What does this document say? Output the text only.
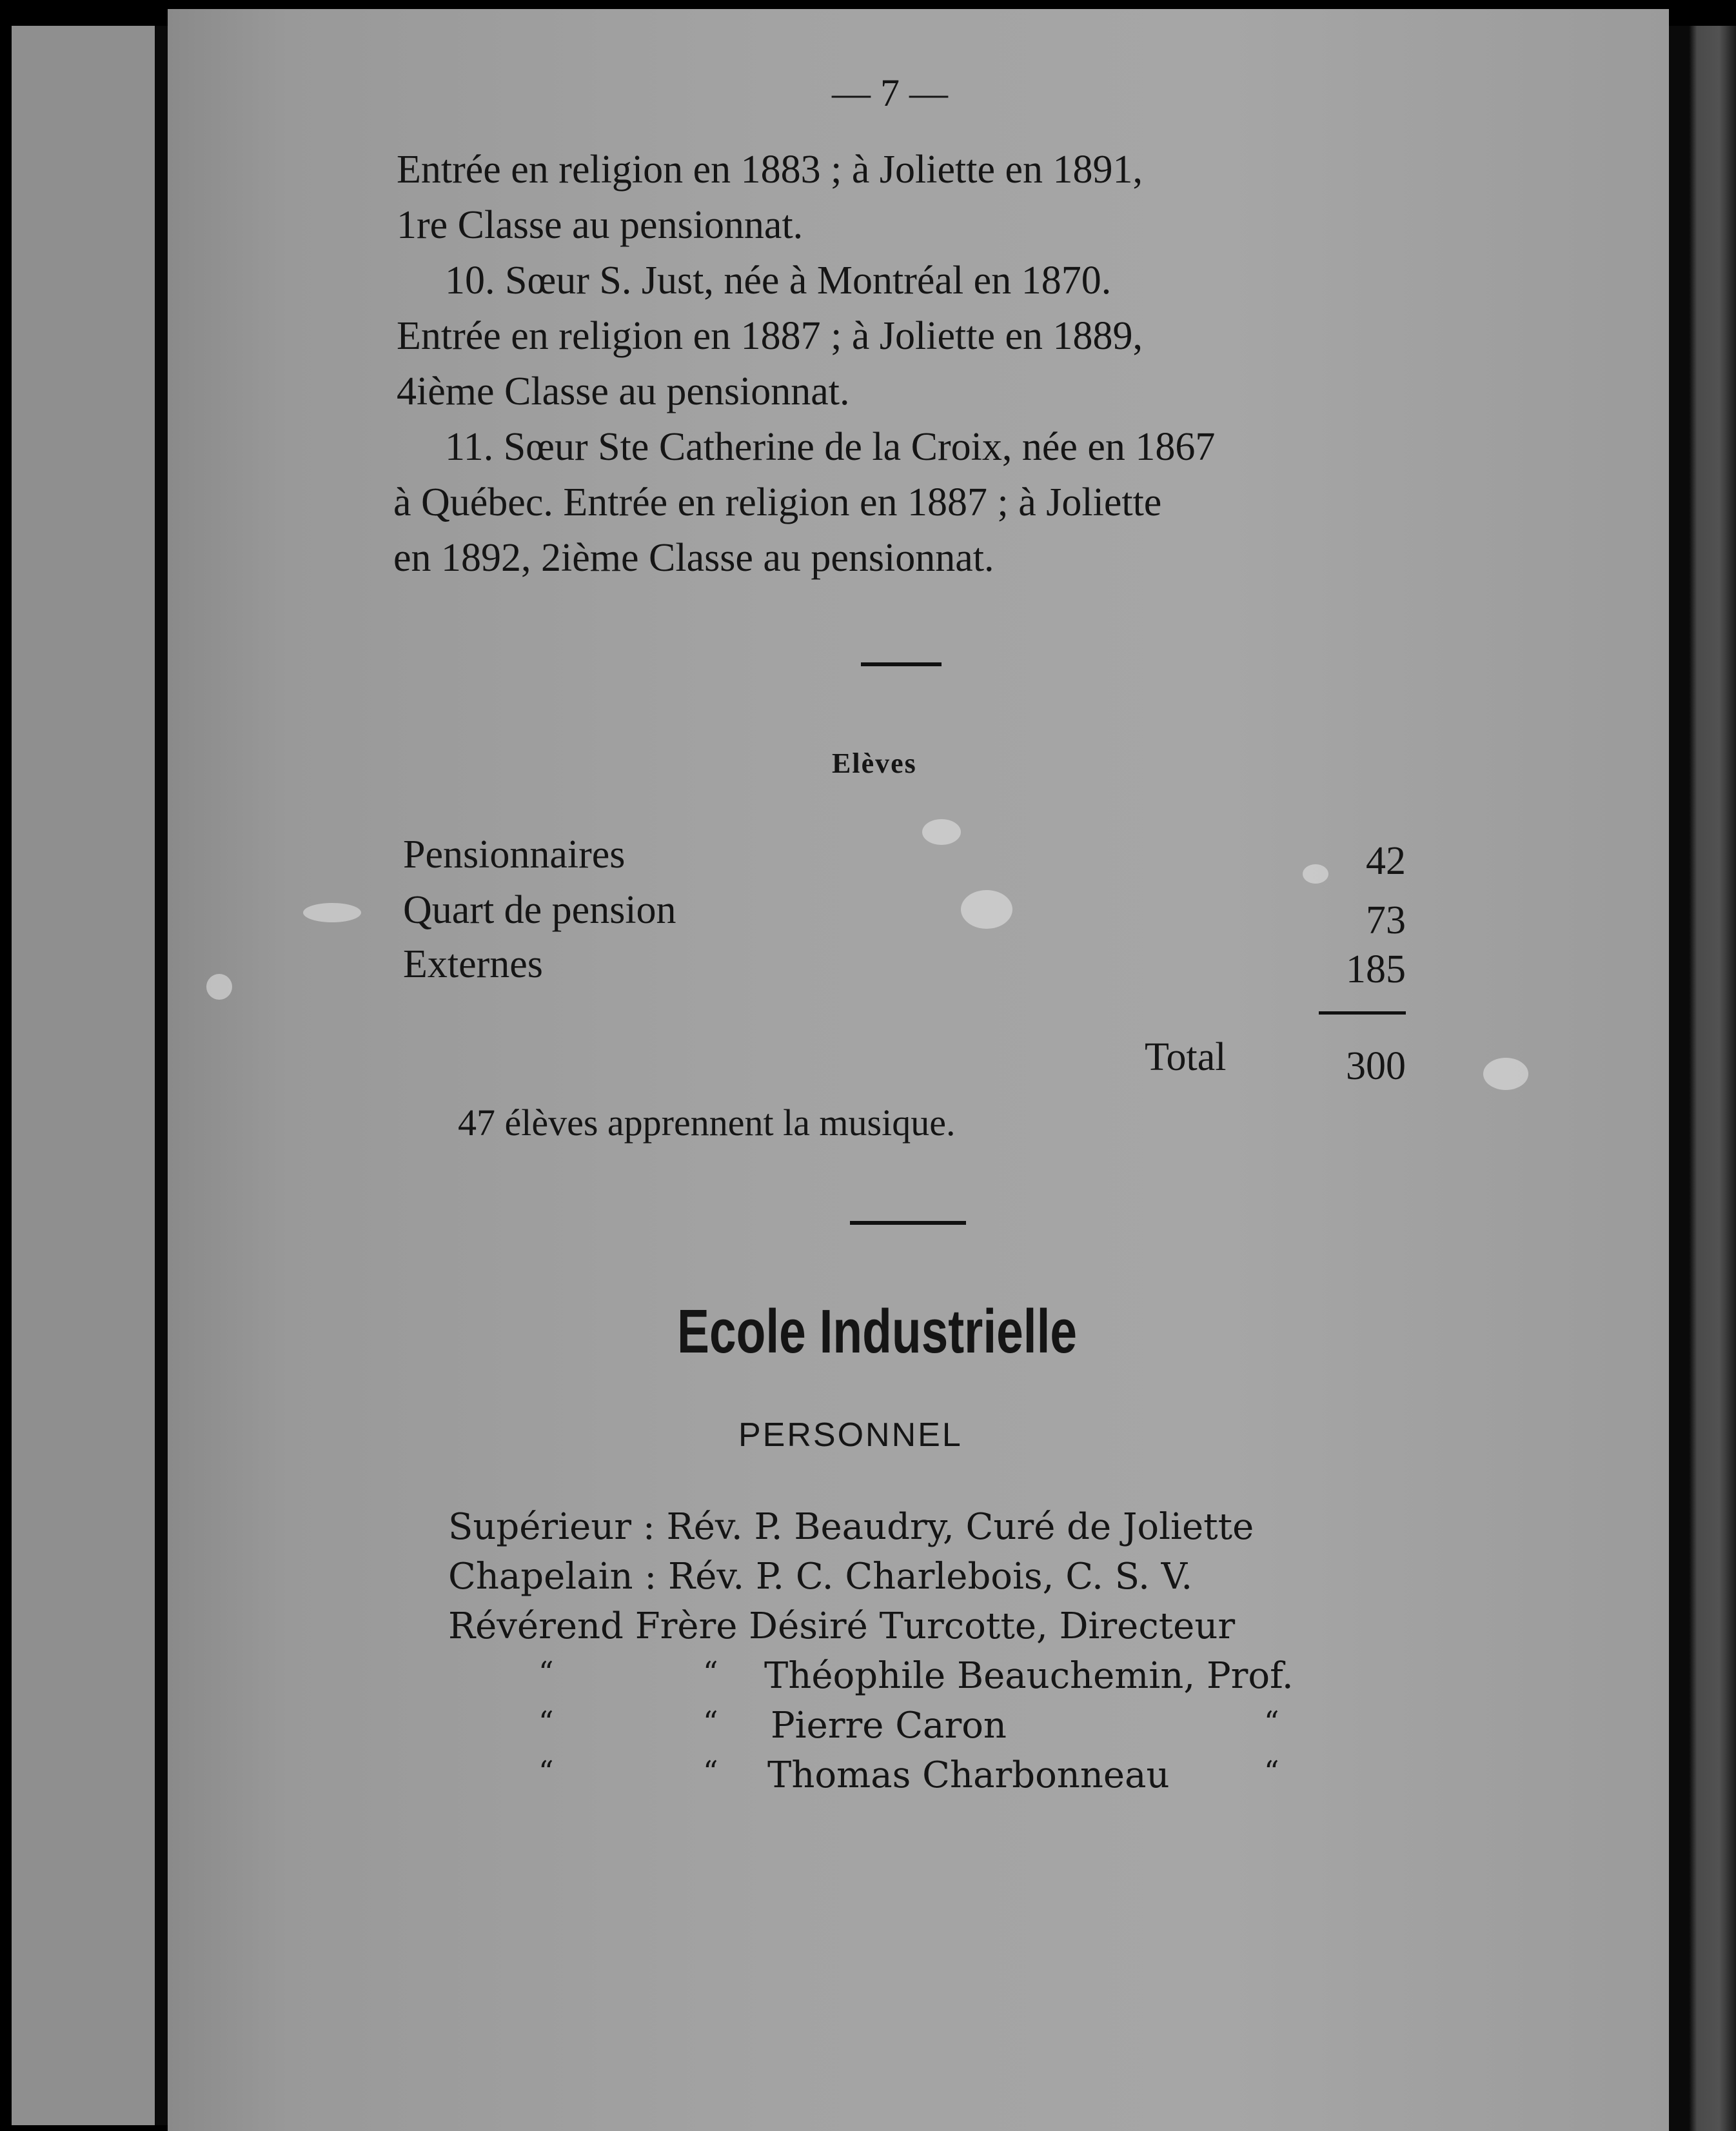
— 7 —
Entrée en religion en 1883 ; à Joliette en 1891,
1re Classe au pensionnat.
10. Sœur S. Just, née à Montréal en 1870.
Entrée en religion en 1887 ; à Joliette en 1889,
4ième Classe au pensionnat.
11. Sœur Ste Catherine de la Croix, née en 1867
à Québec. Entrée en religion en 1887 ; à Joliette
en 1892, 2ième Classe au pensionnat.
Elèves
Pensionnaires	42
Quart de pension	73
Externes	185
Total	300
47 élèves apprennent la musique.
Ecole Industrielle
PERSONNEL
Supérieur : Rév. P. Beaudry, Curé de Joliette
Chapelain : Rév. P. C. Charlebois, C. S. V.
Révérend Frère Désiré Turcotte, Directeur
“	“ Théophile Beauchemin, Prof.
“	“ Pierre Caron	“
“	“ Thomas Charbonneau	“
